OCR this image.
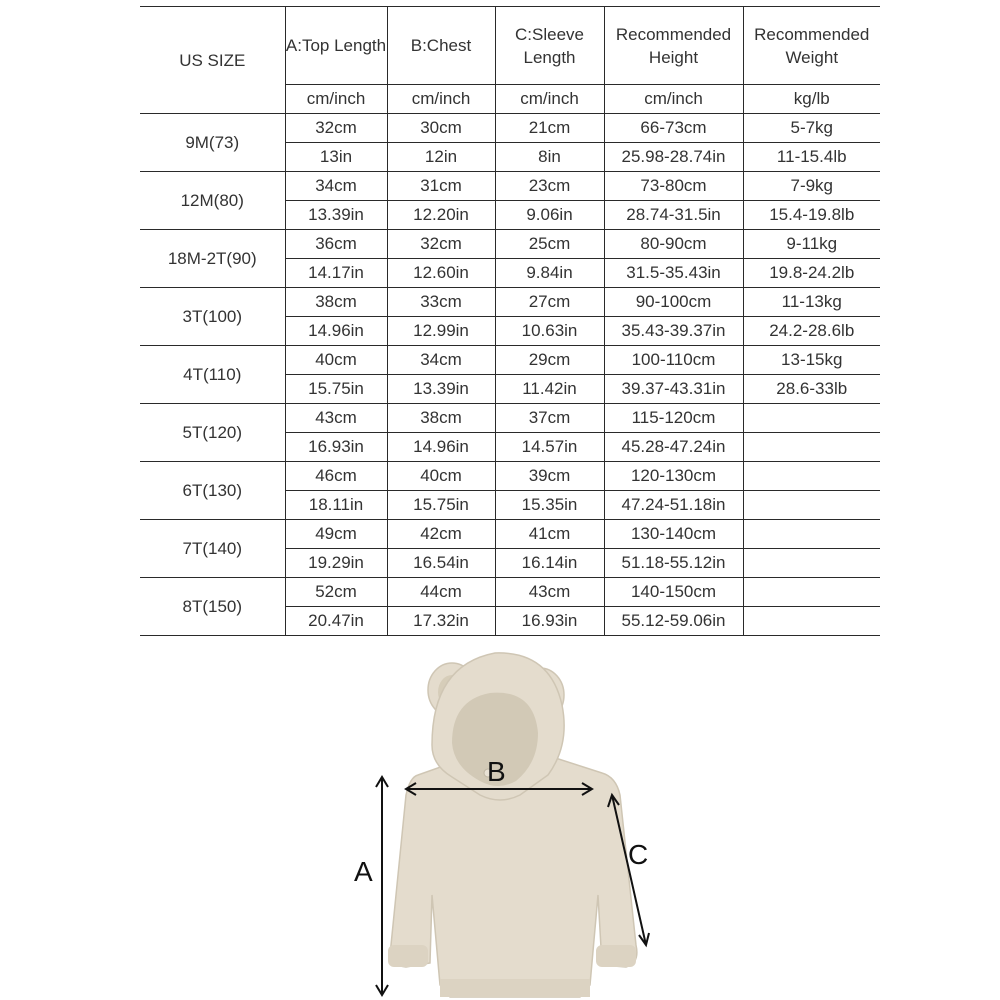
US SIZE	A:Top Length	B:Chest	C:Sleeve Length	Recommended Height	Recommended Weight
	cm/inch	cm/inch	cm/inch	cm/inch	kg/lb
9M(73)	32cm	30cm	21cm	66-73cm	5-7kg
	13in	12in	8in	25.98-28.74in	11-15.4lb
12M(80)	34cm	31cm	23cm	73-80cm	7-9kg
	13.39in	12.20in	9.06in	28.74-31.5in	15.4-19.8lb
18M-2T(90)	36cm	32cm	25cm	80-90cm	9-11kg
	14.17in	12.60in	9.84in	31.5-35.43in	19.8-24.2lb
3T(100)	38cm	33cm	27cm	90-100cm	11-13kg
	14.96in	12.99in	10.63in	35.43-39.37in	24.2-28.6lb
4T(110)	40cm	34cm	29cm	100-110cm	13-15kg
	15.75in	13.39in	11.42in	39.37-43.31in	28.6-33lb
5T(120)	43cm	38cm	37cm	115-120cm	
	16.93in	14.96in	14.57in	45.28-47.24in	
6T(130)	46cm	40cm	39cm	120-130cm	
	18.11in	15.75in	15.35in	47.24-51.18in	
7T(140)	49cm	42cm	41cm	130-140cm	
	19.29in	16.54in	16.14in	51.18-55.12in	
8T(150)	52cm	44cm	43cm	140-150cm	
	20.47in	17.32in	16.93in	55.12-59.06in	
A
B
C
